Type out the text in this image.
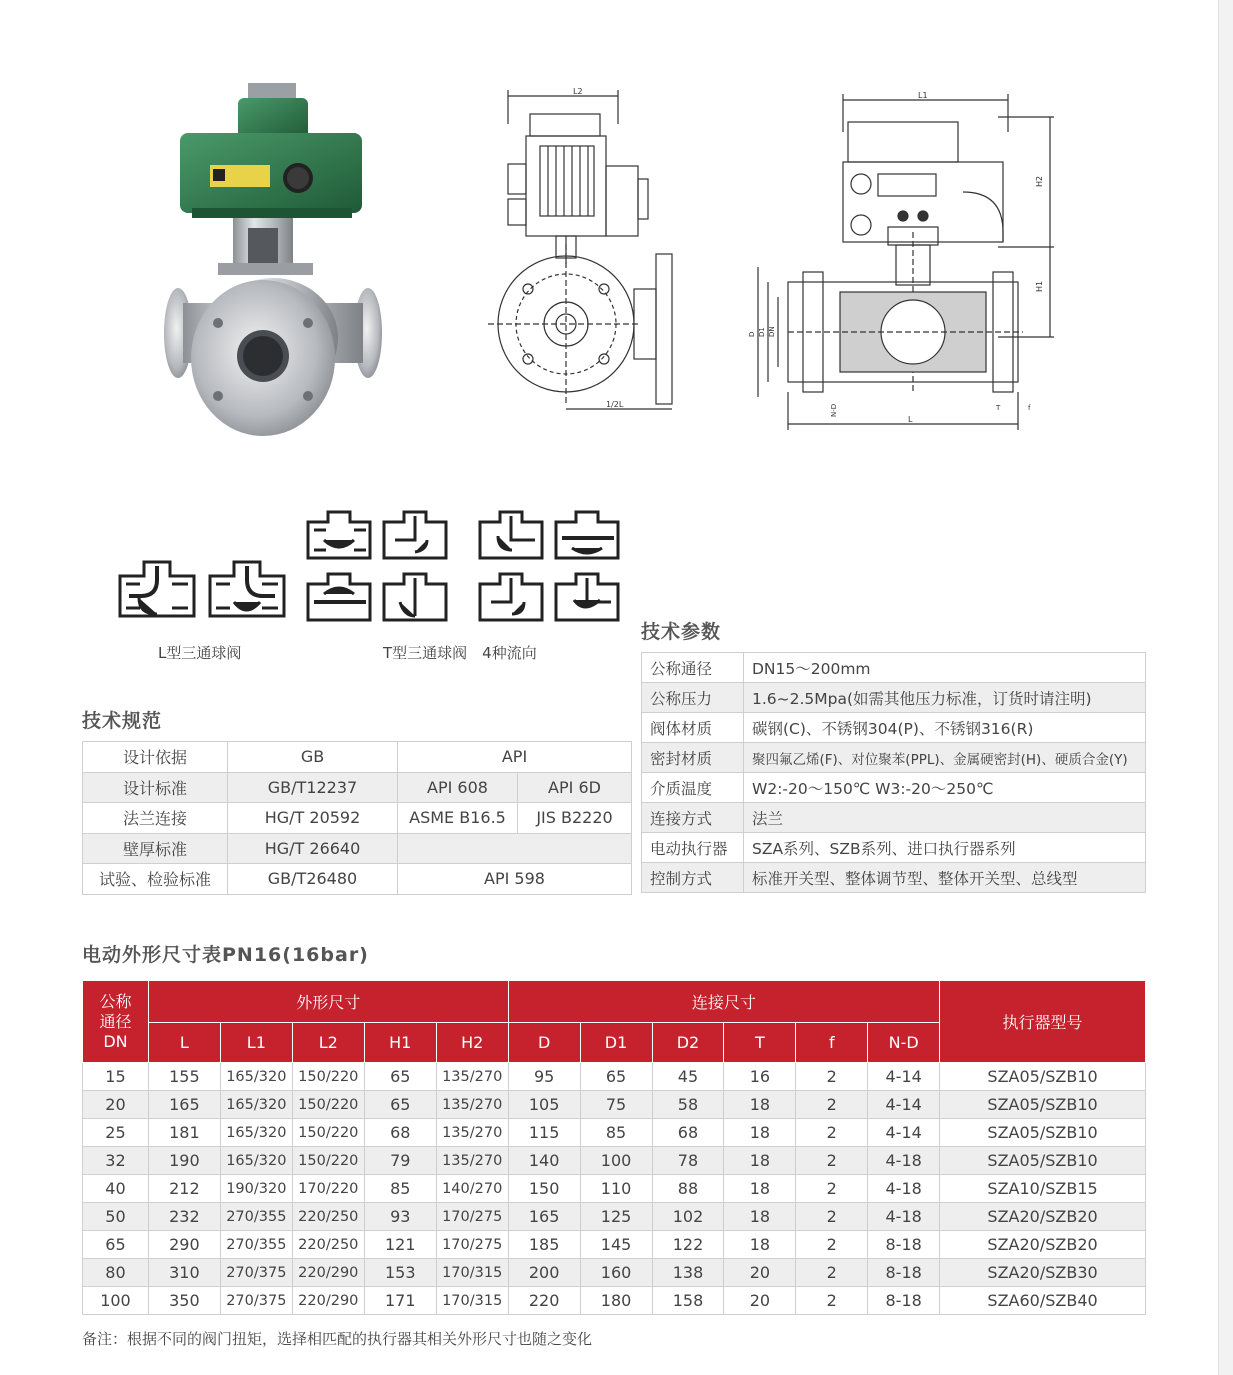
L2
1/2L
L1
H2
H1
D D1 DN
L
N-D	T	f
L型三通球阀	T型三通球阀　4种流向
技术参数
公称通径	DN15～200mm
公称压力	1.6~2.5Mpa(如需其他压力标准，订货时请注明)
阀体材质	碳钢(C)、不锈钢304(P)、不锈钢316(R)
密封材质	聚四氟乙烯(F)、对位聚苯(PPL)、金属硬密封(H)、硬质合金(Y)
介质温度	W2:-20～150℃ W3:-20～250℃
连接方式	法兰
电动执行器	SZA系列、SZB系列、进口执行器系列
控制方式	标准开关型、整体调节型、整体开关型、总线型
技术规范
设计依据	GB	API	
设计标准	GB/T12237	API 608	API 6D
法兰连接	HG/T 20592	ASME B16.5	JIS B2220
壁厚标准	HG/T 26640		
试验、检验标准	GB/T26480	API 598	
电动外形尺寸表PN16(16bar)
公称
通径
DN	外形尺寸					连接尺寸						执行器型号
	L	L1	L2	H1	H2	D	D1	D2	T	f	N-D	
15	155	165/320	150/220	65	135/270	95	65	45	16	2	4-14	SZA05/SZB10
20	165	165/320	150/220	65	135/270	105	75	58	18	2	4-14	SZA05/SZB10
25	181	165/320	150/220	68	135/270	115	85	68	18	2	4-14	SZA05/SZB10
32	190	165/320	150/220	79	135/270	140	100	78	18	2	4-18	SZA05/SZB10
40	212	190/320	170/220	85	140/270	150	110	88	18	2	4-18	SZA10/SZB15
50	232	270/355	220/250	93	170/275	165	125	102	18	2	4-18	SZA20/SZB20
65	290	270/355	220/250	121	170/275	185	145	122	18	2	8-18	SZA20/SZB20
80	310	270/375	220/290	153	170/315	200	160	138	20	2	8-18	SZA20/SZB30
100	350	270/375	220/290	171	170/315	220	180	158	20	2	8-18	SZA60/SZB40
备注：根据不同的阀门扭矩，选择相匹配的执行器其相关外形尺寸也随之变化
